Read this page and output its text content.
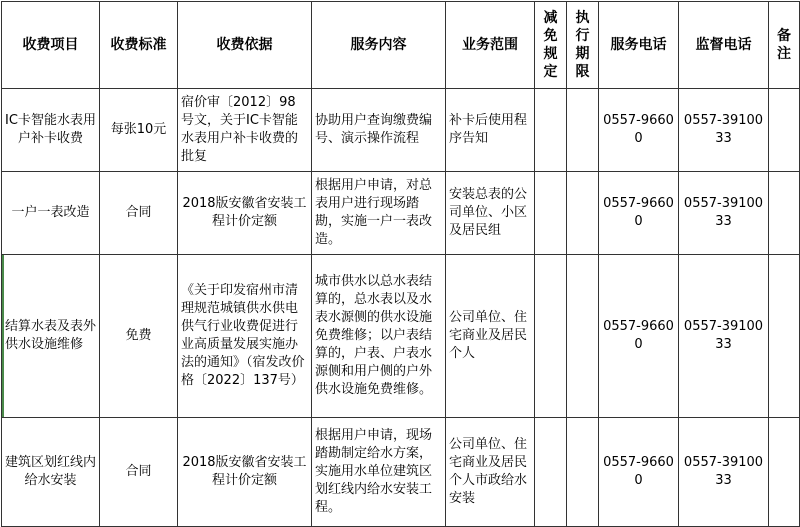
收费项目	收费标准	收费依据	服务内容	业务范围	减免规定	执行期限	服务电话	监督电话	备注
IC卡智能水表用户补卡收费	每张10元	宿价审〔2012〕98号文，关于IC卡智能水表用户补卡收费的批复	协助用户查询缴费编号、演示操作流程	补卡后使用程序告知			0557-96600	0557-3910033	
一户一表改造	合同	2018版安徽省安装工程计价定额	根据用户申请，对总表用户进行现场踏勘，实施一户一表改造。	安装总表的公司单位、小区及居民组			0557-96600	0557-3910033	
结算水表及表外供水设施维修	免费	《关于印发宿州市清理规范城镇供水供电供气行业收费促进行业高质量发展实施办法的通知》（宿发改价格〔2022〕137号）	城市供水以总水表结算的，总水表以及水表水源侧的供水设施免费维修；以户表结算的，户表、户表水源侧和用户侧的户外供水设施免费维修。	公司单位、住宅商业及居民个人			0557-96600	0557-3910033	
建筑区划红线内给水安装	合同	2018版安徽省安装工程计价定额	根据用户申请，现场踏勘制定给水方案，实施用水单位建筑区划红线内给水安装工程。	公司单位、住宅商业及居民个人市政给水安装			0557-96600	0557-3910033	
